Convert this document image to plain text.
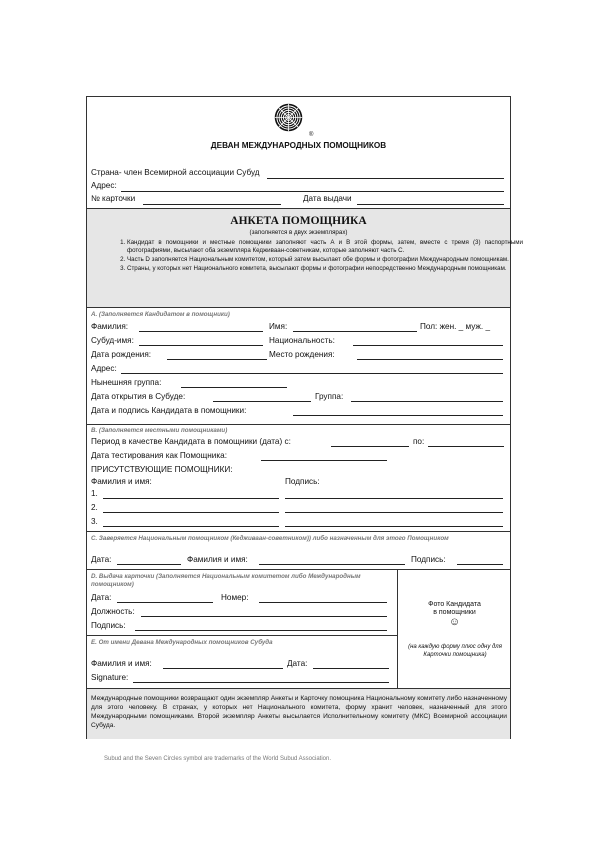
®
ДЕВАН МЕЖДУНАРОДНЫХ ПОМОЩНИКОВ
Страна- член Всемирной ассоциации Субуд
Адрес:
№ карточки	Дата выдачи
АНКЕТА ПОМОЩНИКА
(заполняется в двух экземплярах)
1. Кандидат в помощники и местные помощники заполняют часть А и В этой формы, затем, вместе с тремя (3) паспортными фотографиями, высылают оба экземпляра Кедживаан-советникам, которые заполняют часть С.
2. Часть D заполняется Национальным комитетом, который затем высылает обе формы и фотографии Международным помощникам.
3. Страны, у которых нет Национального комитета, высылают формы и фотографии непосредственно Международным помощникам.
A. (Заполняется Кандидатом в помощники)
Фамилия:	Имя:	Пол: жен. _ муж. _
Субуд-имя:	Национальность:
Дата рождения:	Место рождения:
Адрес:
Нынешняя группа:
Дата открытия в Субуде:	Группа:
Дата и подпись Кандидата в помощники:
B. (Заполняется местными помощниками)
Период в качестве Кандидата в помощники (дата) с:	по:
Дата тестирования как Помощника:
ПРИСУТСТВУЮЩИЕ ПОМОЩНИКИ:
Фамилия и имя:	Подпись:
1.
2.
3.
C. Заверяется Национальным помощником (Кедживаан-советником)) либо назначенным для этого Помощником
Дата:	Фамилия и имя:	Подпись:
D. Выдача карточки (Заполняется Национальным комитетом либо Международным помощником)
Дата:	Номер:
Должность:
Подпись:
E. От имени Девана Международных помощников Субуда
Фамилия и имя:	Дата:
Signature:
Фото Кандидата
в помощники
☺
(на каждую форму плюс одну для Карточки помощника)
Международные помощники возвращают один экземпляр Анкеты и Карточку помощника Национальному комитету либо назначенному для этого человеку. В странах, у которых нет Национального комитета, форму хранит человек, назначенный для этого Международными помощниками. Второй экземпляр Анкеты высылается Исполнительному комитету (МКС) Всемирной ассоциации Субуда.
Subud and the Seven Circles symbol are trademarks of the World Subud Association.
